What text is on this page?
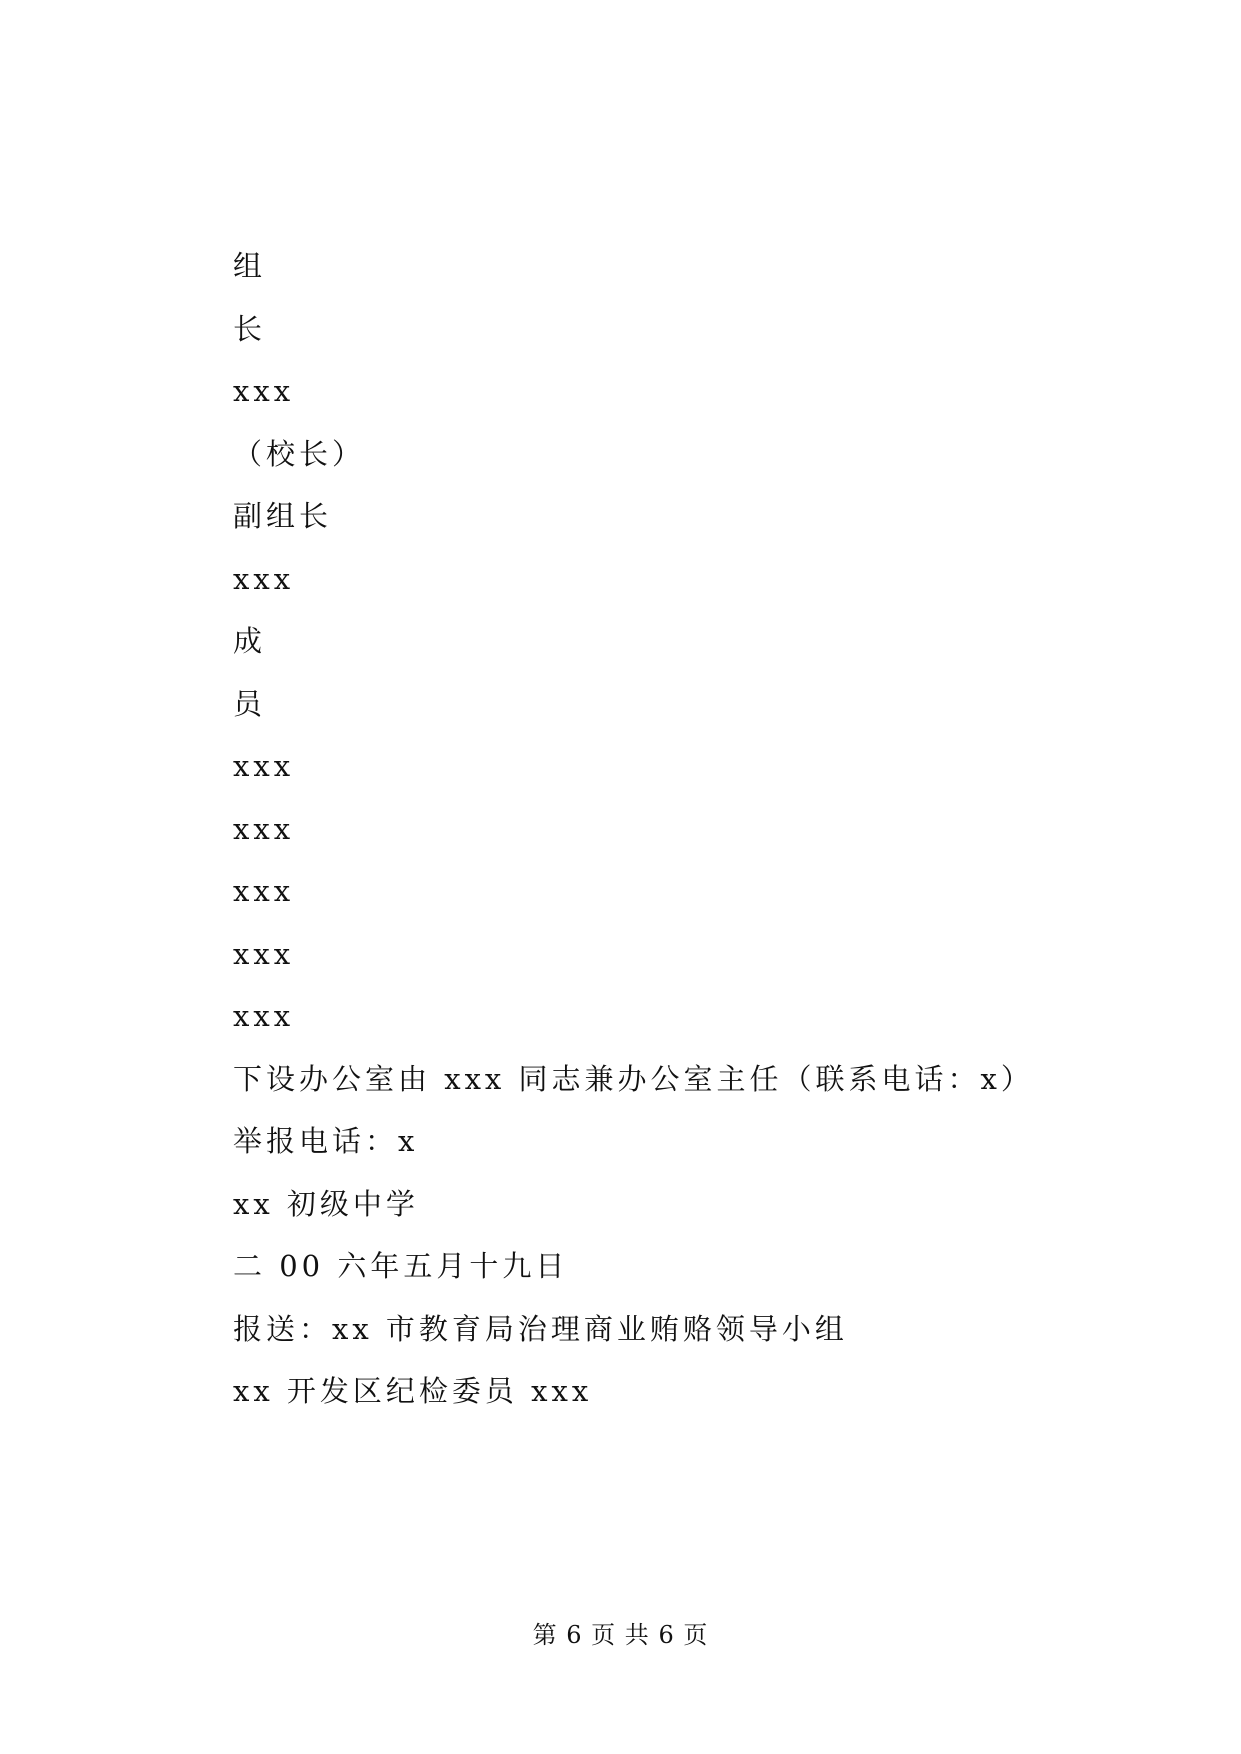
组
长
xxx
（校长）
副组长
xxx
成
员
xxx
xxx
xxx
xxx
xxx
下设办公室由 xxx 同志兼办公室主任（联系电话：x）
举报电话：x
xx 初级中学
二 00 六年五月十九日
报送：xx 市教育局治理商业贿赂领导小组
xx 开发区纪检委员 xxx
第 6 页 共 6 页
